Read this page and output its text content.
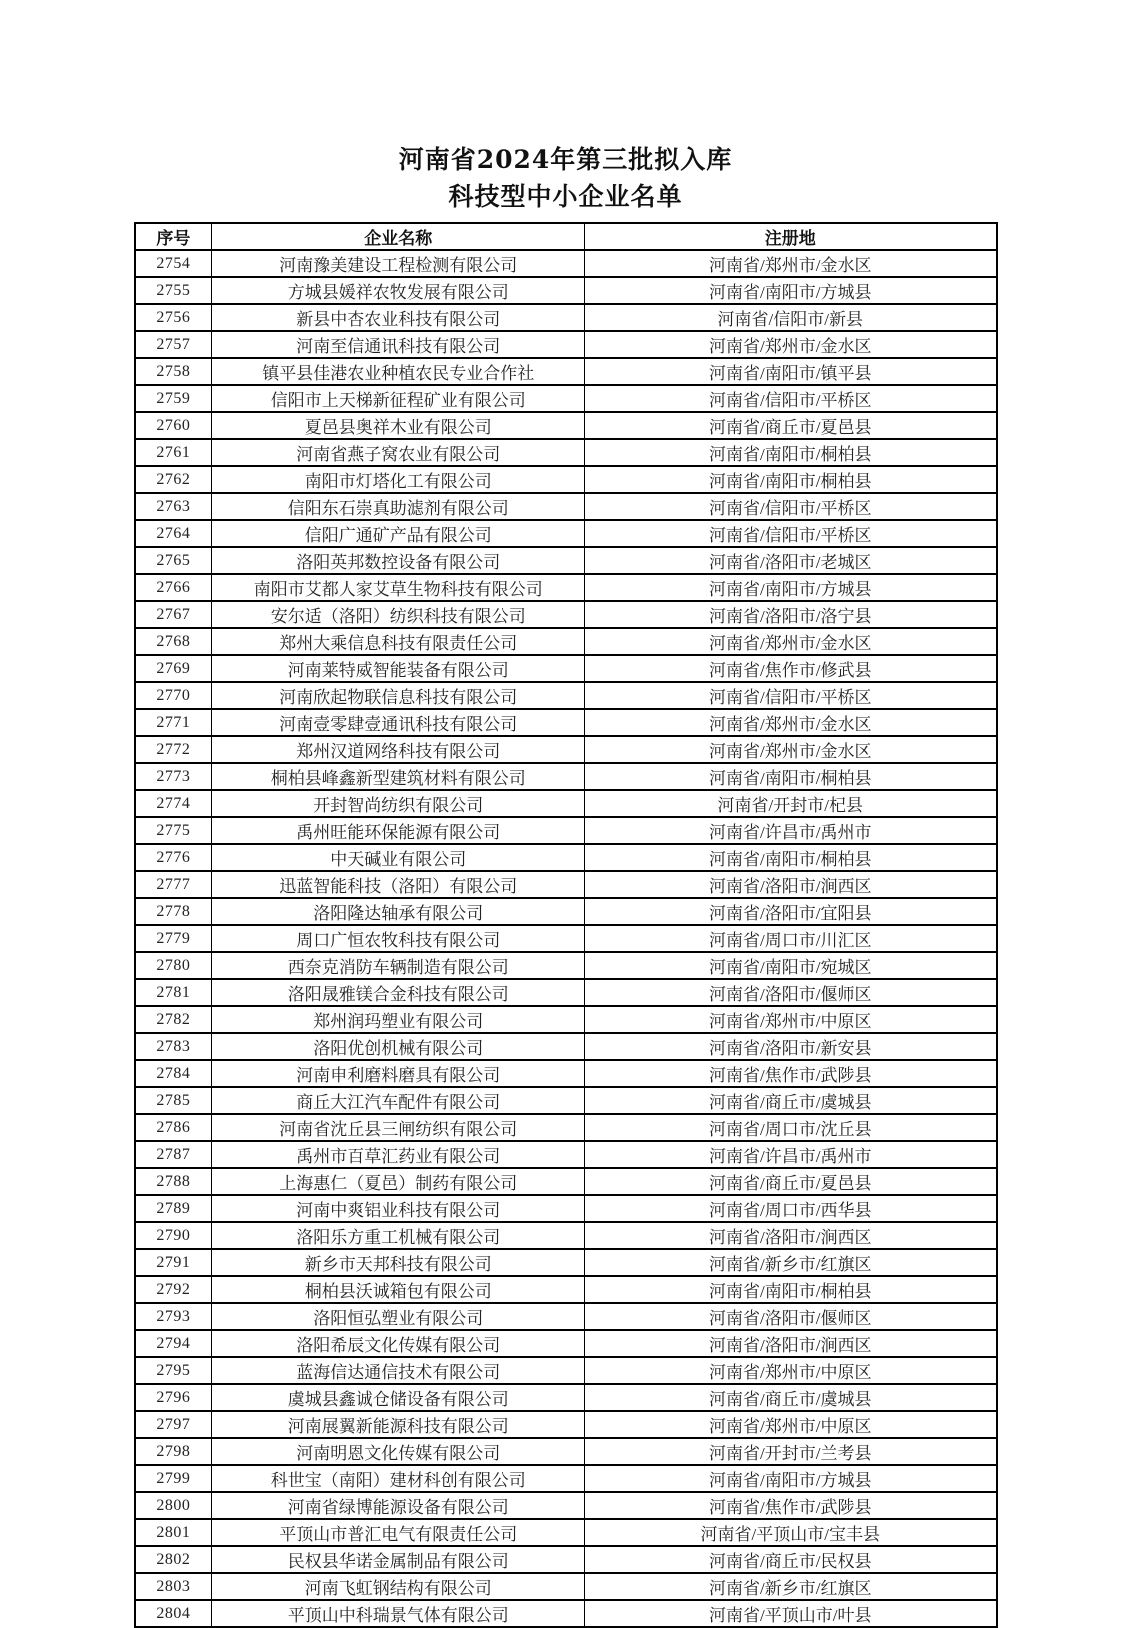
河南省2024年第三批拟入库
科技型中小企业名单
序号	企业名称	注册地
2754	河南豫美建设工程检测有限公司	河南省/郑州市/金水区
2755	方城县媛祥农牧发展有限公司	河南省/南阳市/方城县
2756	新县中杏农业科技有限公司	河南省/信阳市/新县
2757	河南至信通讯科技有限公司	河南省/郑州市/金水区
2758	镇平县佳港农业种植农民专业合作社	河南省/南阳市/镇平县
2759	信阳市上天梯新征程矿业有限公司	河南省/信阳市/平桥区
2760	夏邑县奥祥木业有限公司	河南省/商丘市/夏邑县
2761	河南省燕子窝农业有限公司	河南省/南阳市/桐柏县
2762	南阳市灯塔化工有限公司	河南省/南阳市/桐柏县
2763	信阳东石崇真助滤剂有限公司	河南省/信阳市/平桥区
2764	信阳广通矿产品有限公司	河南省/信阳市/平桥区
2765	洛阳英邦数控设备有限公司	河南省/洛阳市/老城区
2766	南阳市艾都人家艾草生物科技有限公司	河南省/南阳市/方城县
2767	安尔适（洛阳）纺织科技有限公司	河南省/洛阳市/洛宁县
2768	郑州大乘信息科技有限责任公司	河南省/郑州市/金水区
2769	河南莱特威智能装备有限公司	河南省/焦作市/修武县
2770	河南欣起物联信息科技有限公司	河南省/信阳市/平桥区
2771	河南壹零肆壹通讯科技有限公司	河南省/郑州市/金水区
2772	郑州汉道网络科技有限公司	河南省/郑州市/金水区
2773	桐柏县峰鑫新型建筑材料有限公司	河南省/南阳市/桐柏县
2774	开封智尚纺织有限公司	河南省/开封市/杞县
2775	禹州旺能环保能源有限公司	河南省/许昌市/禹州市
2776	中天碱业有限公司	河南省/南阳市/桐柏县
2777	迅蓝智能科技（洛阳）有限公司	河南省/洛阳市/涧西区
2778	洛阳隆达轴承有限公司	河南省/洛阳市/宜阳县
2779	周口广恒农牧科技有限公司	河南省/周口市/川汇区
2780	西奈克消防车辆制造有限公司	河南省/南阳市/宛城区
2781	洛阳晟雅镁合金科技有限公司	河南省/洛阳市/偃师区
2782	郑州润玛塑业有限公司	河南省/郑州市/中原区
2783	洛阳优创机械有限公司	河南省/洛阳市/新安县
2784	河南申利磨料磨具有限公司	河南省/焦作市/武陟县
2785	商丘大江汽车配件有限公司	河南省/商丘市/虞城县
2786	河南省沈丘县三闸纺织有限公司	河南省/周口市/沈丘县
2787	禹州市百草汇药业有限公司	河南省/许昌市/禹州市
2788	上海惠仁（夏邑）制药有限公司	河南省/商丘市/夏邑县
2789	河南中爽铝业科技有限公司	河南省/周口市/西华县
2790	洛阳乐方重工机械有限公司	河南省/洛阳市/涧西区
2791	新乡市天邦科技有限公司	河南省/新乡市/红旗区
2792	桐柏县沃诚箱包有限公司	河南省/南阳市/桐柏县
2793	洛阳恒弘塑业有限公司	河南省/洛阳市/偃师区
2794	洛阳希辰文化传媒有限公司	河南省/洛阳市/涧西区
2795	蓝海信达通信技术有限公司	河南省/郑州市/中原区
2796	虞城县鑫诚仓储设备有限公司	河南省/商丘市/虞城县
2797	河南展翼新能源科技有限公司	河南省/郑州市/中原区
2798	河南明恩文化传媒有限公司	河南省/开封市/兰考县
2799	科世宝（南阳）建材科创有限公司	河南省/南阳市/方城县
2800	河南省绿博能源设备有限公司	河南省/焦作市/武陟县
2801	平顶山市普汇电气有限责任公司	河南省/平顶山市/宝丰县
2802	民权县华诺金属制品有限公司	河南省/商丘市/民权县
2803	河南飞虹钢结构有限公司	河南省/新乡市/红旗区
2804	平顶山中科瑞景气体有限公司	河南省/平顶山市/叶县
